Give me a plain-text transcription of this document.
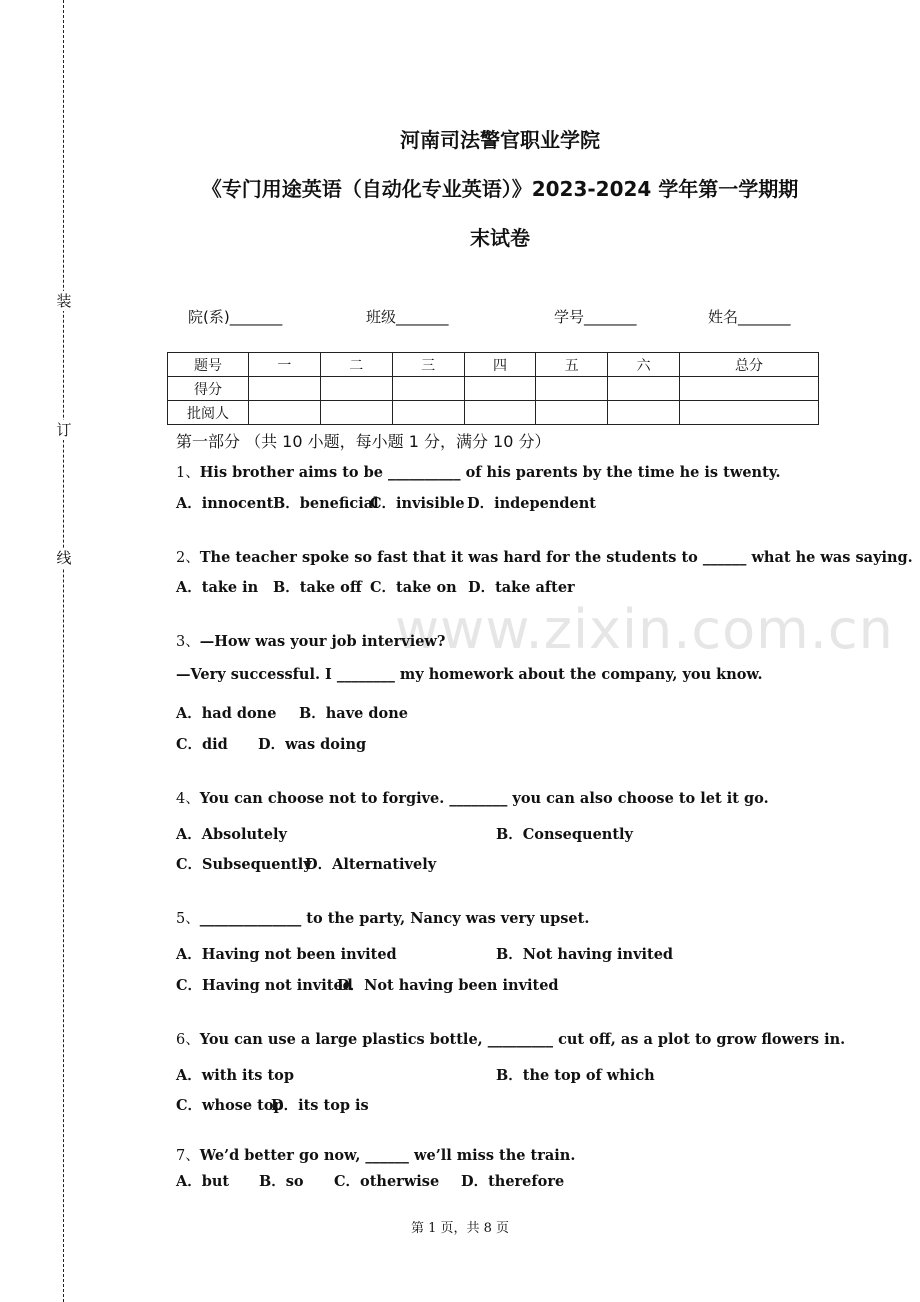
装
订
线
www.zixin.com.cn
河南司法警官职业学院
《专门用途英语（自动化专业英语）》2023-2024 学年第一学期期
末试卷
院(系)_______	班级_______	学号_______	姓名_______
题号	一	二	三	四	五	六	总分
得分							
批阅人							
第一部分 （共 10 小题，每小题 1 分，满分 10 分）
1、His brother aims to be __________ of his parents by the time he is twenty.
A．innocent B．beneficial
C．invisible D．independent
2、The teacher spoke so fast that it was hard for the students to ______ what he was saying.
A．take in B．take off C．take on D．take after
3、—How was your job interview?
—Very successful. I ________ my homework about the company, you know.
A．had done B．have done
C．did D．was doing
4、You can choose not to forgive. ________ you can also choose to let it go.
A．Absolutely	B．Consequently
C．Subsequently
D．Alternatively
5、______________ to the party, Nancy was very upset.
A．Having not been invited	B．Not having invited
C．Having not invited
D．Not having been invited
6、You can use a large plastics bottle, _________ cut off, as a plot to grow flowers in.
A．with its top	B．the top of which
C．whose top
D．its top is
7、We’d better go now, ______ we’ll miss the train.
A．but B．so C．otherwise D．therefore
第 1 页，共 8 页
